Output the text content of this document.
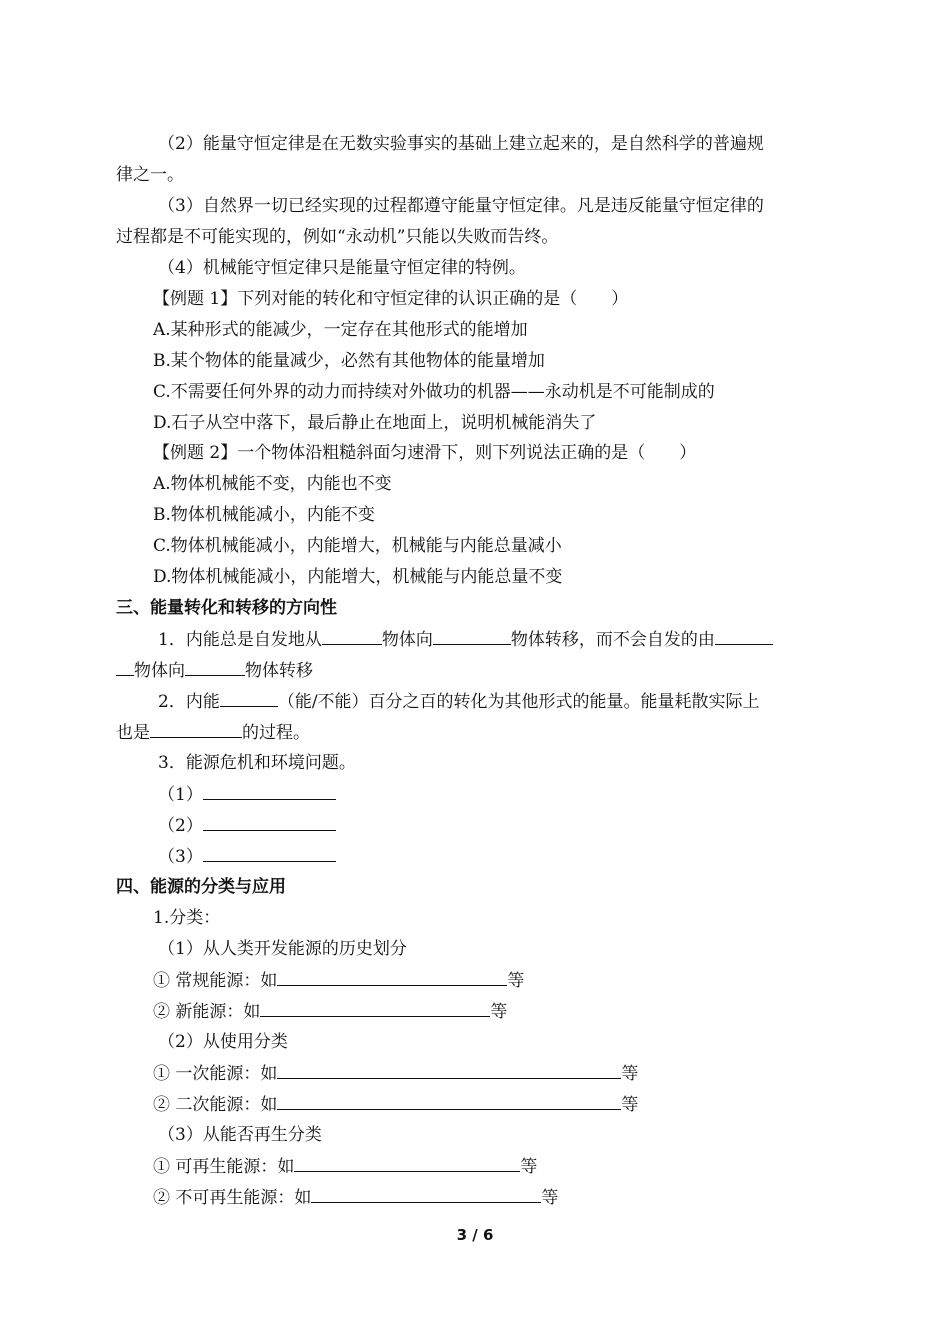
（2）能量守恒定律是在无数实验事实的基础上建立起来的，是自然科学的普遍规
律之一。
（3）自然界一切已经实现的过程都遵守能量守恒定律。凡是违反能量守恒定律的
过程都是不可能实现的，例如“永动机”只能以失败而告终。
（4）机械能守恒定律只是能量守恒定律的特例。
【例题 1】下列对能的转化和守恒定律的认识正确的是（　　）
A.某种形式的能减少，一定存在其他形式的能增加
B.某个物体的能量减少，必然有其他物体的能量增加
C.不需要任何外界的动力而持续对外做功的机器——永动机是不可能制成的
D.石子从空中落下，最后静止在地面上，说明机械能消失了
【例题 2】一个物体沿粗糙斜面匀速滑下，则下列说法正确的是（　　）
A.物体机械能不变，内能也不变
B.物体机械能减小，内能不变
C.物体机械能减小，内能增大，机械能与内能总量减小
D.物体机械能减小，内能增大，机械能与内能总量不变
三、能量转化和转移的方向性
1．内能总是自发地从	物体向	物体转移，而不会自发的由
物体向	物体转移
2．内能	（能/不能）百分之百的转化为其他形式的能量。能量耗散实际上
也是	的过程。
3．能源危机和环境问题。
（1）
（2）
（3）
四、能源的分类与应用
1.分类：
（1）从人类开发能源的历史划分
① 常规能源：如	等
② 新能源：如	等
（2）从使用分类
① 一次能源：如	等
② 二次能源：如	等
（3）从能否再生分类
① 可再生能源：如	等
② 不可再生能源：如	等
3 / 6
